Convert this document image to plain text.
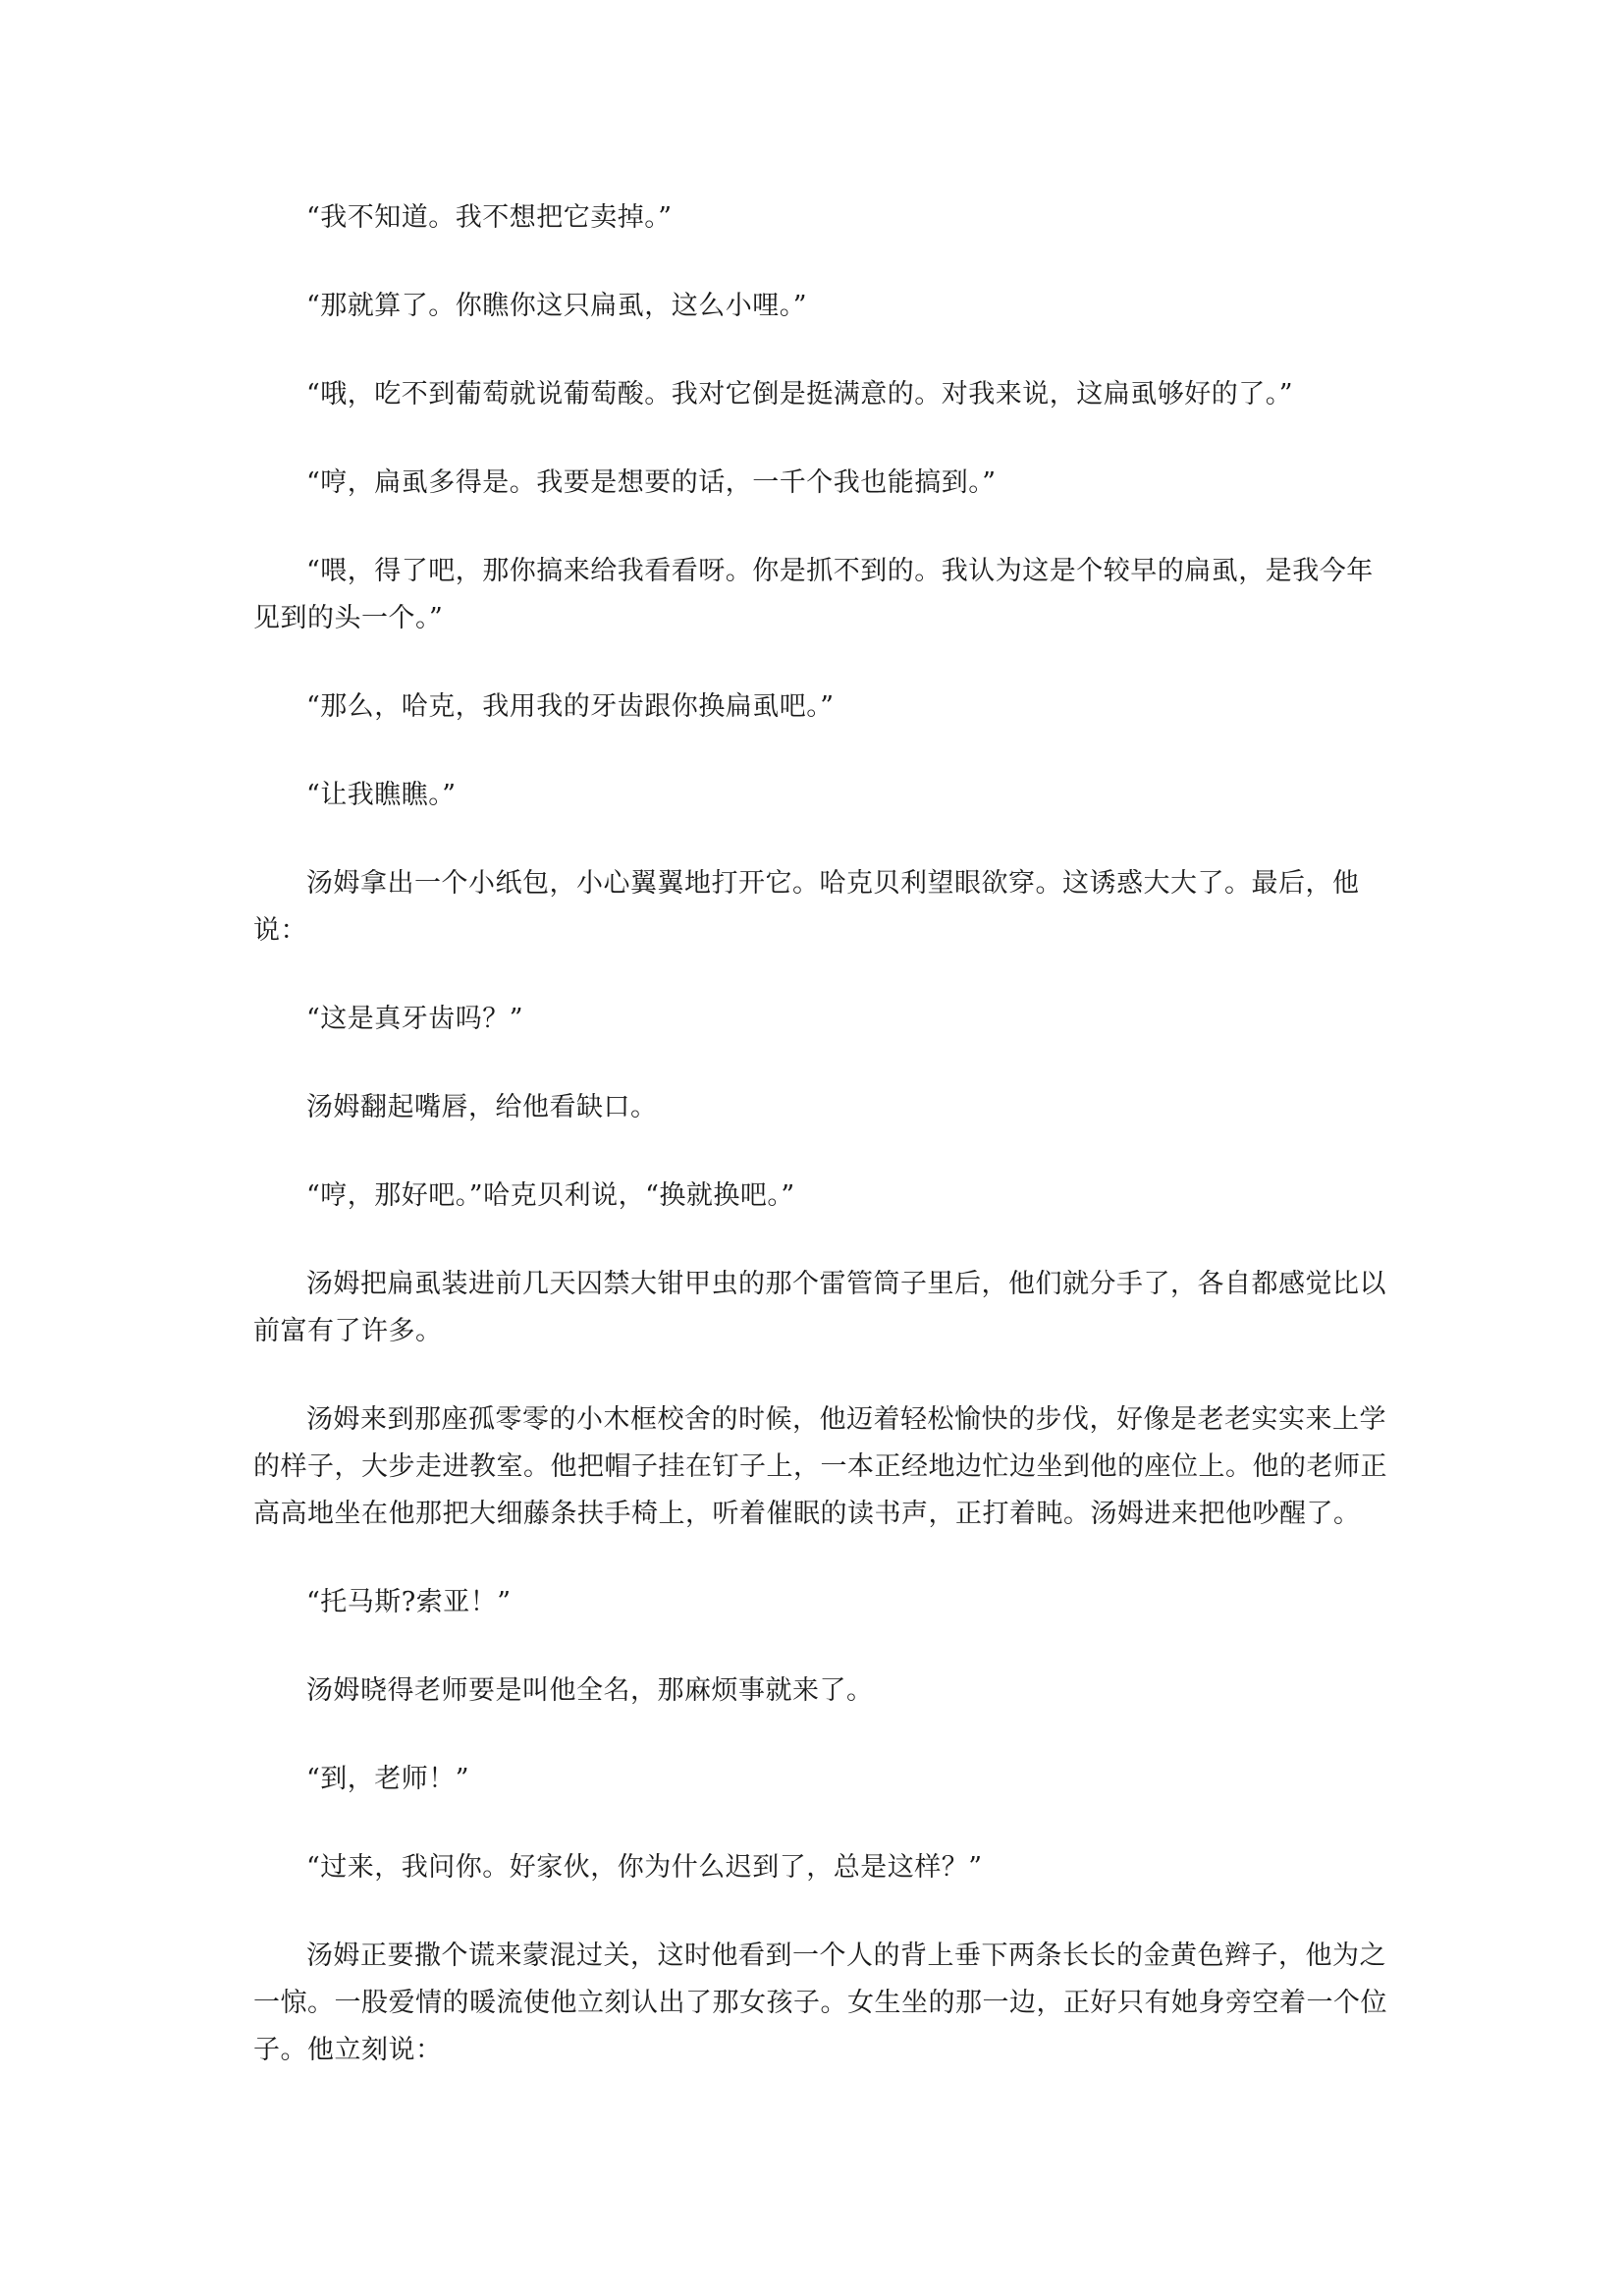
“我不知道。我不想把它卖掉。”

“那就算了。你瞧你这只扁虱，这么小哩。”

“哦，吃不到葡萄就说葡萄酸。我对它倒是挺满意的。对我来说，这扁虱够好的了。”

“哼，扁虱多得是。我要是想要的话，一千个我也能搞到。”

“喂，得了吧，那你搞来给我看看呀。你是抓不到的。我认为这是个较早的扁虱，是我今年见到的头一个。”

“那么，哈克，我用我的牙齿跟你换扁虱吧。”

“让我瞧瞧。”

汤姆拿出一个小纸包，小心翼翼地打开它。哈克贝利望眼欲穿。这诱惑大大了。最后，他说：

“这是真牙齿吗？”

汤姆翻起嘴唇，给他看缺口。

“哼，那好吧。”哈克贝利说，“换就换吧。”

汤姆把扁虱装进前几天囚禁大钳甲虫的那个雷管筒子里后，他们就分手了，各自都感觉比以前富有了许多。

汤姆来到那座孤零零的小木框校舍的时候，他迈着轻松愉快的步伐，好像是老老实实来上学的样子，大步走进教室。他把帽子挂在钉子上，一本正经地边忙边坐到他的座位上。他的老师正高高地坐在他那把大细藤条扶手椅上，听着催眠的读书声，正打着盹。汤姆进来把他吵醒了。

“托马斯?索亚！”

汤姆晓得老师要是叫他全名，那麻烦事就来了。

“到，老师！”

“过来，我问你。好家伙，你为什么迟到了，总是这样？”

汤姆正要撒个谎来蒙混过关，这时他看到一个人的背上垂下两条长长的金黄色辫子，他为之一惊。一股爱情的暖流使他立刻认出了那女孩子。女生坐的那一边，正好只有她身旁空着一个位子。他立刻说：
